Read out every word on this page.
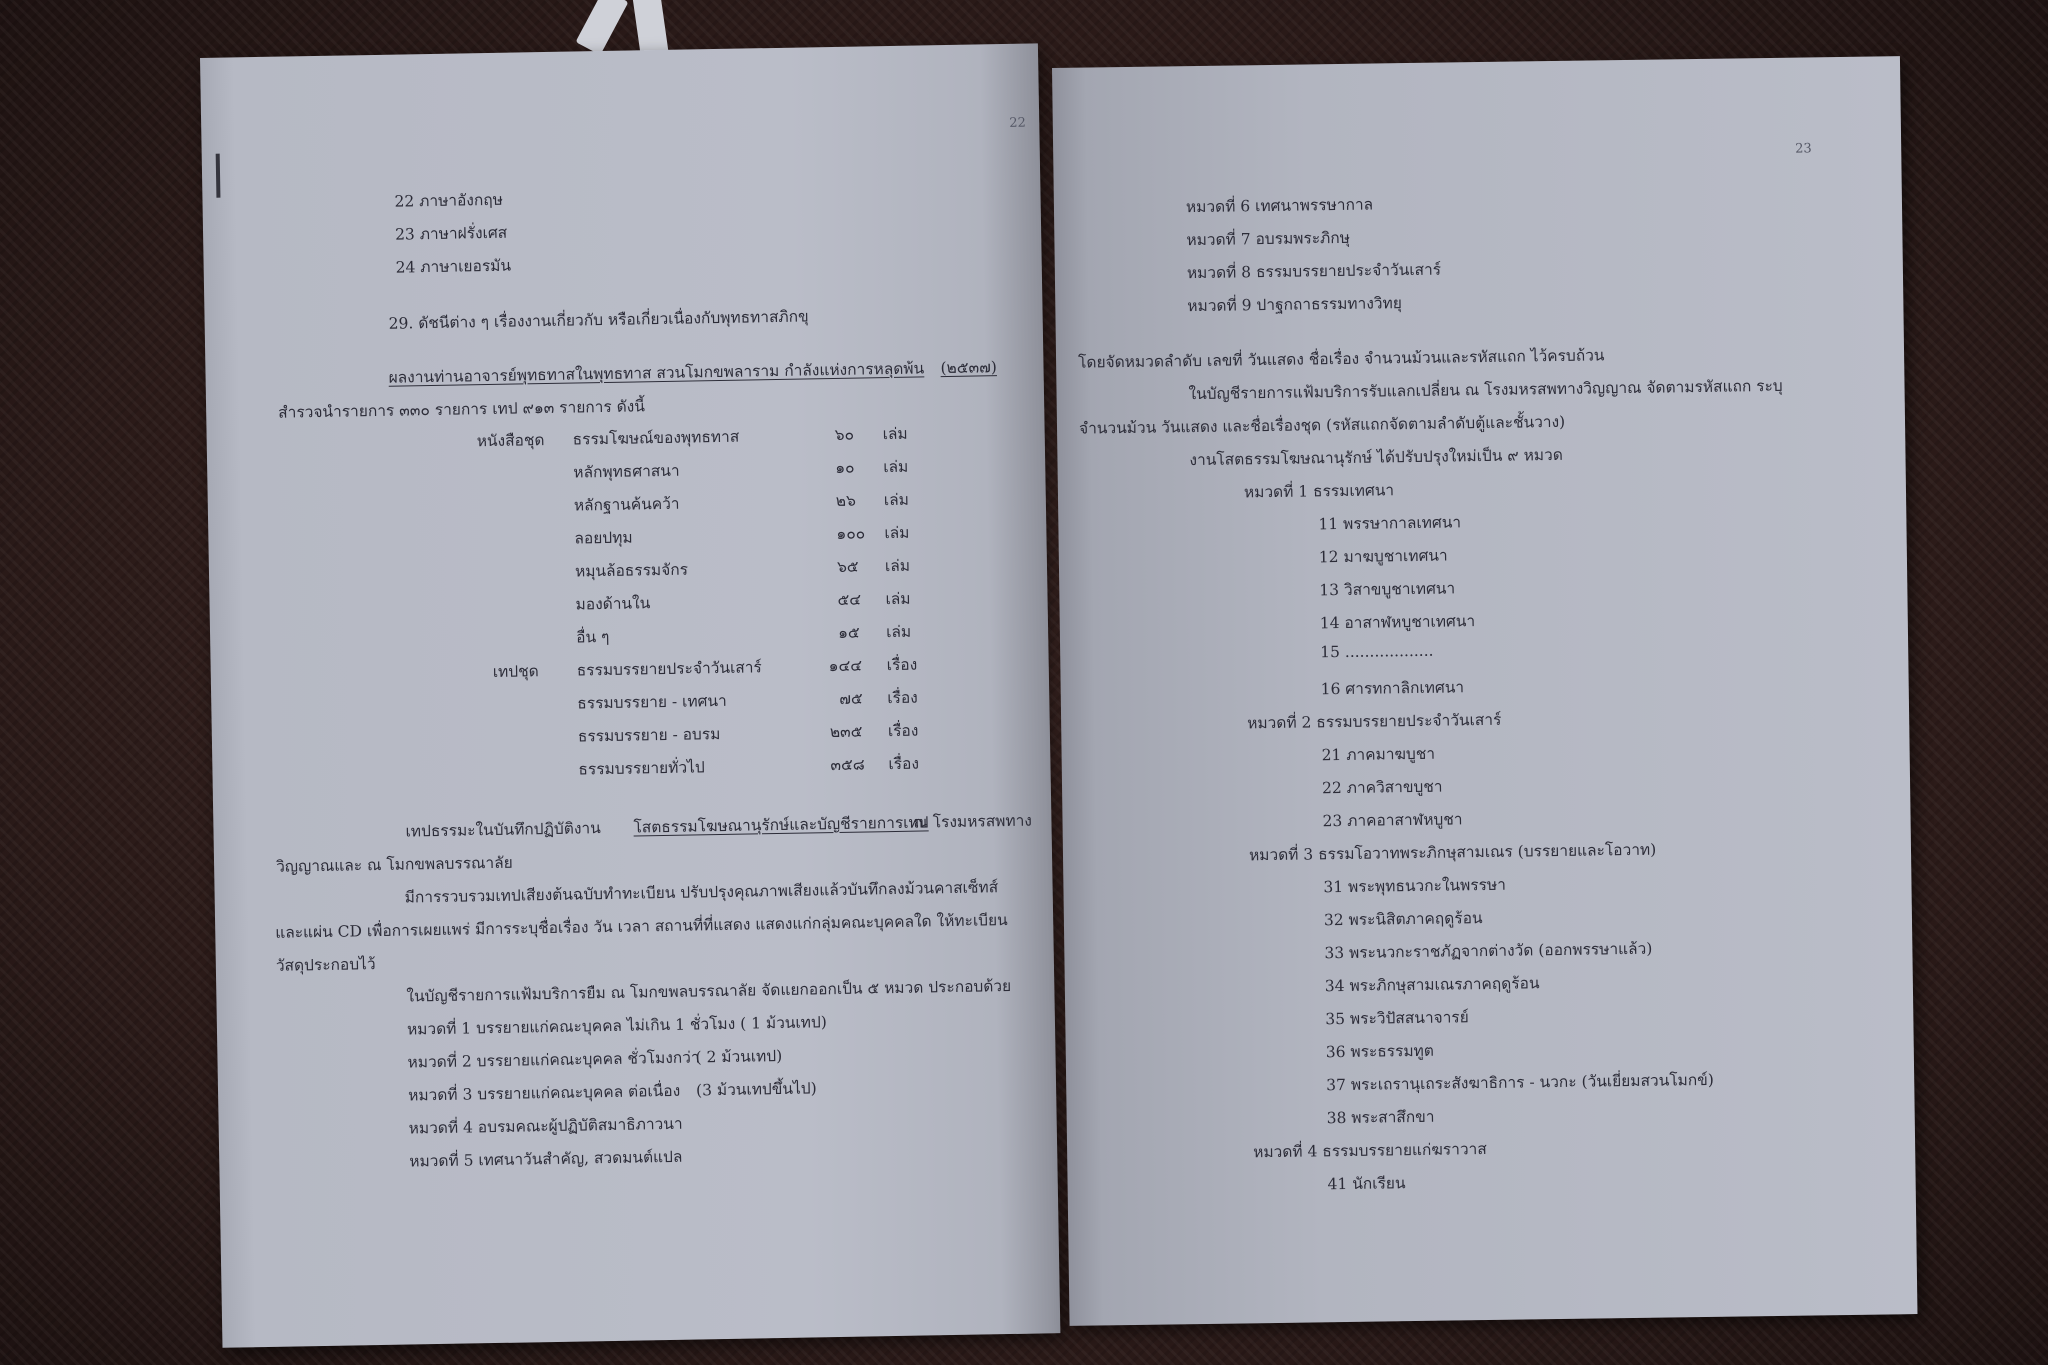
22
22 ภาษาอังกฤษ
23 ภาษาฝรั่งเศส
24 ภาษาเยอรมัน
29. ดัชนีต่าง ๆ เรื่องงานเกี่ยวกับ หรือเกี่ยวเนื่องกับพุทธทาสภิกขุ
ผลงานท่านอาจารย์พุทธทาสในพุทธทาส สวนโมกขพลาราม กำลังแห่งการหลุดพ้น (๒๕๓๗)
สำรวจนำรายการ ๓๓๐ รายการ เทป ๙๑๓ รายการ ดังนี้
หนังสือชุด ธรรมโฆษณ์ของพุทธทาส	๖๐ เล่ม
หลักพุทธศาสนา	๑๐ เล่ม
หลักฐานค้นคว้า	๒๖ เล่ม
ลอยปทุม	๑๐๐ เล่ม
หมุนล้อธรรมจักร	๖๕ เล่ม
มองด้านใน	๕๔ เล่ม
อื่น ๆ	๑๕ เล่ม
เทปชุด ธรรมบรรยายประจำวันเสาร์	๑๔๔ เรื่อง
ธรรมบรรยาย - เทศนา	๗๕ เรื่อง
ธรรมบรรยาย - อบรม	๒๓๕ เรื่อง
ธรรมบรรยายทั่วไป	๓๕๘ เรื่อง
เทปธรรมะในบันทึกปฏิบัติงาน โสตธรรมโฆษณานุรักษ์และบัญชีรายการเทป
ณ โรงมหรสพทาง
วิญญาณและ ณ โมกขพลบรรณาลัย
มีการรวบรวมเทปเสียงต้นฉบับทำทะเบียน ปรับปรุงคุณภาพเสียงแล้วบันทึกลงม้วนคาสเซ็ทส์
และแผ่น CD เพื่อการเผยแพร่ มีการระบุชื่อเรื่อง วัน เวลา สถานที่ที่แสดง แสดงแก่กลุ่มคณะบุคคลใด ให้ทะเบียน
วัสดุประกอบไว้
ในบัญชีรายการแฟ้มบริการยืม ณ โมกขพลบรรณาลัย จัดแยกออกเป็น ๕ หมวด ประกอบด้วย
หมวดที่ 1 บรรยายแก่คณะบุคคล ไม่เกิน 1 ชั่วโมง ( 1 ม้วนเทป)
หมวดที่ 2 บรรยายแก่คณะบุคคล ชั่วโมงกว่า
( 2 ม้วนเทป)
หมวดที่ 3 บรรยายแก่คณะบุคคล ต่อเนื่อง (3 ม้วนเทปขึ้นไป)
หมวดที่ 4 อบรมคณะผู้ปฏิบัติสมาธิภาวนา
หมวดที่ 5 เทศนาวันสำคัญ, สวดมนต์แปล
23
หมวดที่ 6 เทศนาพรรษากาล
หมวดที่ 7 อบรมพระภิกษุ
หมวดที่ 8 ธรรมบรรยายประจำวันเสาร์
หมวดที่ 9 ปาฐกถาธรรมทางวิทยุ
โดยจัดหมวดลำดับ เลขที่ วันแสดง ชื่อเรื่อง จำนวนม้วนและรหัสแถก ไว้ครบถ้วน
ในบัญชีรายการแฟ้มบริการรับแลกเปลี่ยน ณ โรงมหรสพทางวิญญาณ จัดตามรหัสแถก ระบุ
จำนวนม้วน วันแสดง และชื่อเรื่องชุด (รหัสแถกจัดตามลำดับตู้และชั้นวาง)
งานโสตธรรมโฆษณานุรักษ์ ได้ปรับปรุงใหม่เป็น ๙ หมวด
หมวดที่ 1 ธรรมเทศนา
11 พรรษากาลเทศนา
12 มาฆบูชาเทศนา
13 วิสาขบูชาเทศนา
14 อาสาฬหบูชาเทศนา
15 ..................
16 ศารทกาลิกเทศนา
หมวดที่ 2 ธรรมบรรยายประจำวันเสาร์
21 ภาคมาฆบูชา
22 ภาควิสาขบูชา
23 ภาคอาสาฬหบูชา
หมวดที่ 3 ธรรมโอวาทพระภิกษุสามเณร (บรรยายและโอวาท)
31 พระพุทธนวกะในพรรษา
32 พระนิสิตภาคฤดูร้อน
33 พระนวกะราชภัฏจากต่างวัด (ออกพรรษาแล้ว)
34 พระภิกษุสามเณรภาคฤดูร้อน
35 พระวิปัสสนาจารย์
36 พระธรรมทูต
37 พระเถรานุเถระสังฆาธิการ - นวกะ (วันเยี่ยมสวนโมกข์)
38 พระสาสึกขา
หมวดที่ 4 ธรรมบรรยายแก่ฆราวาส
41 นักเรียน
